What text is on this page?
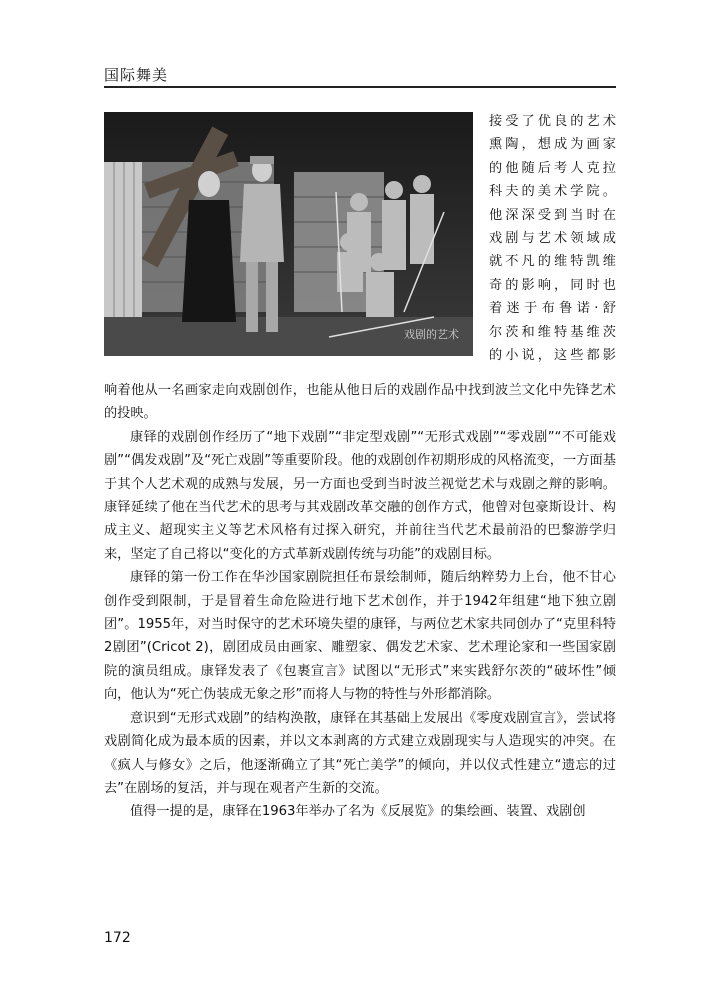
国际舞美
戏剧的艺术
接受了优良的艺术
熏陶，想成为画家
的他随后考人克拉
科夫的美术学院。
他深深受到当时在
戏剧与艺术领域成
就不凡的维特凯维
奇的影响，同时也
着迷于布鲁诺·舒
尔茨和维特基维茨
的小说，这些都影

响着他从一名画家走向戏剧创作，也能从他日后的戏剧作品中找到波兰文化中先锋艺术的投映。

康铎的戏剧创作经历了“地下戏剧”“非定型戏剧”“无形式戏剧”“零戏剧”“不可能戏剧”“偶发戏剧”及“死亡戏剧”等重要阶段。他的戏剧创作初期形成的风格流变，一方面基于其个人艺术观的成熟与发展，另一方面也受到当时波兰视觉艺术与戏剧之辩的影响。康铎延续了他在当代艺术的思考与其戏剧改革交融的创作方式，他曾对包豪斯设计、构成主义、超现实主义等艺术风格有过探入研究，并前往当代艺术最前沿的巴黎游学归来，坚定了自己将以“变化的方式革新戏剧传统与功能”的戏剧目标。

康铎的第一份工作在华沙国家剧院担任布景绘制师，随后纳粹势力上台，他不甘心创作受到限制，于是冒着生命危险进行地下艺术创作，并于1942年组建“地下独立剧团”。1955年，对当时保守的艺术环境失望的康铎，与两位艺术家共同创办了“克里科特2剧团”(Cricot 2)，剧团成员由画家、雕塑家、偶发艺术家、艺术理论家和一些国家剧院的演员组成。康铎发表了《包裹宣言》试图以“无形式”来实践舒尔茨的“破坏性”倾向，他认为“死亡伪装成无象之形”而将人与物的特性与外形都消除。

意识到“无形式戏剧”的结构涣散，康铎在其基础上发展出《零度戏剧宣言》，尝试将戏剧简化成为最本质的因素，并以文本剥离的方式建立戏剧现实与人造现实的冲突。在《疯人与修女》之后，他逐渐确立了其“死亡美学”的倾向，并以仪式性建立“遗忘的过去”在剧场的复活，并与现在观者产生新的交流。

值得一提的是，康铎在1963年举办了名为《反展览》的集绘画、装置、戏剧创

172
